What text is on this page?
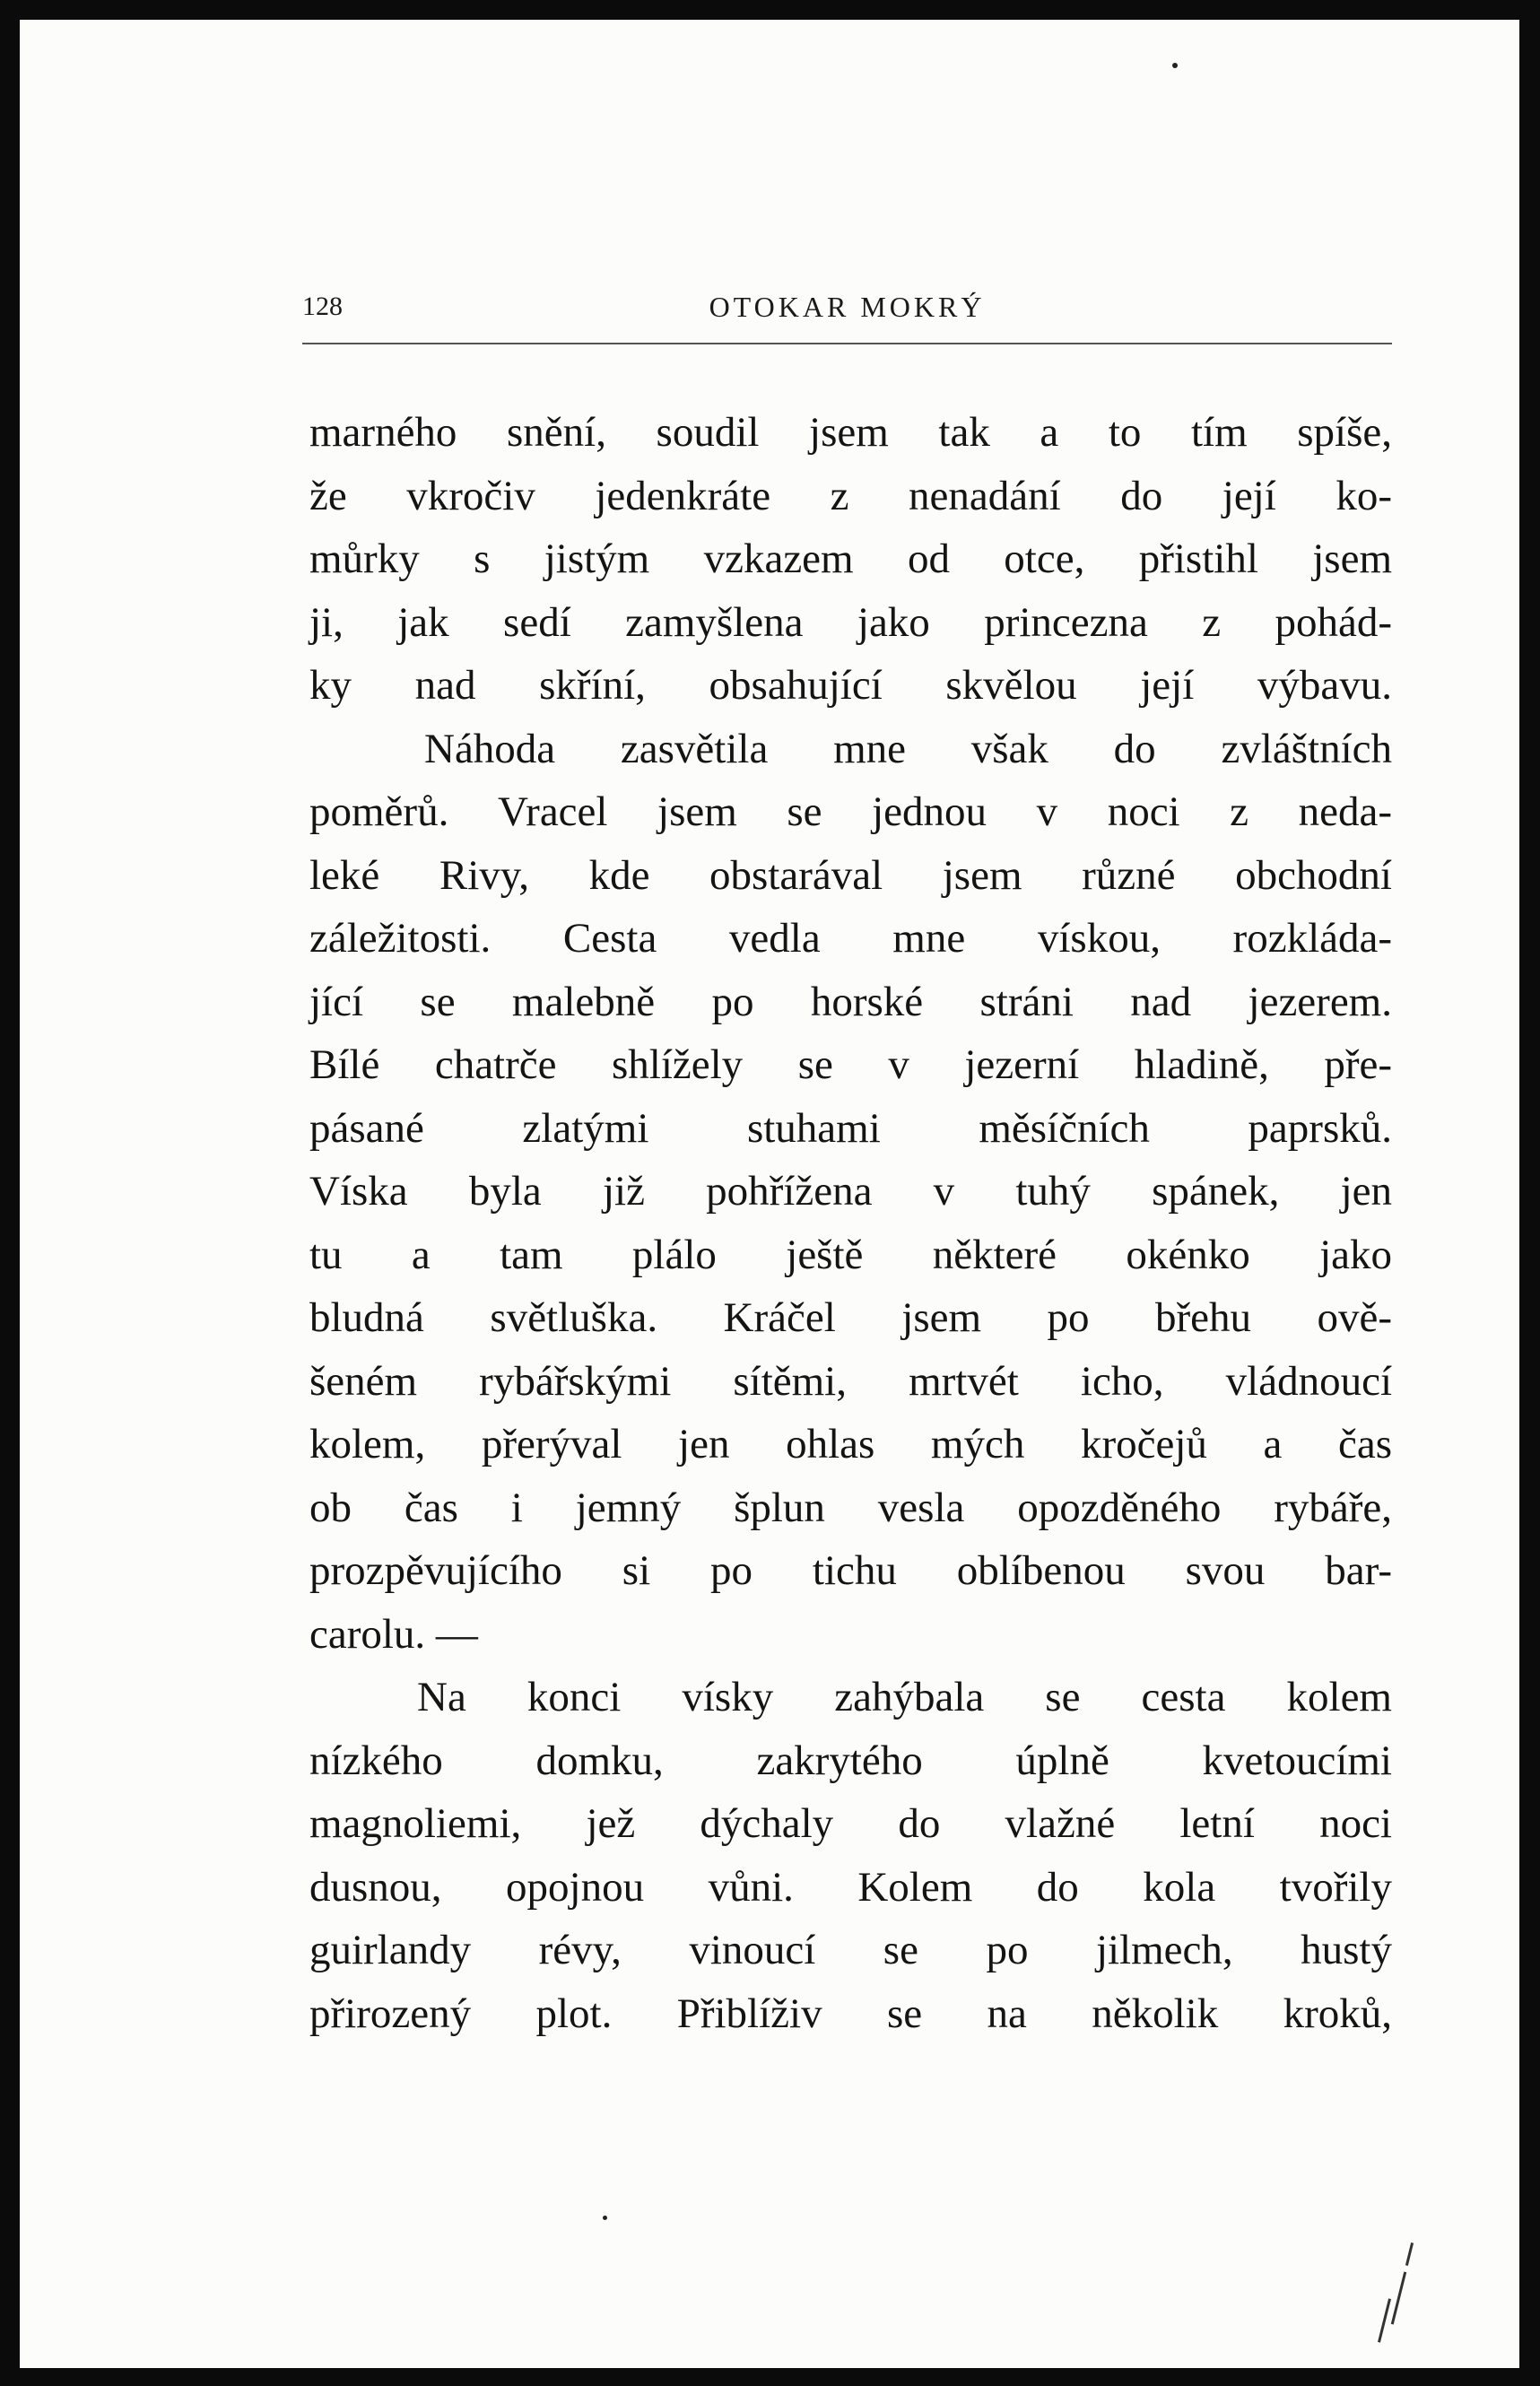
128	OTOKAR MOKRÝ
marného snění, soudil jsem tak a to tím spíše,
že vkročiv jedenkráte z nenadání do její ko-
můrky s jistým vzkazem od otce, přistihl jsem
ji, jak sedí zamyšlena jako princezna z pohád-
ky nad skříní, obsahující skvělou její výbavu.
Náhoda zasvětila mne však do zvláštních
poměrů. Vracel jsem se jednou v noci z neda-
leké Rivy, kde obstarával jsem různé obchodní
záležitosti. Cesta vedla mne vískou, rozkláda-
jící se malebně po horské stráni nad jezerem.
Bílé chatrče shlížely se v jezerní hladině, pře-
pásané zlatými stuhami měsíčních paprsků.
Víska byla již pohřížena v tuhý spánek, jen
tu a tam plálo ještě některé okénko jako
bludná světluška. Kráčel jsem po břehu ově-
šeném rybářskými sítěmi, mrtvét icho, vládnoucí
kolem, přerýval jen ohlas mých kročejů a čas
ob čas i jemný šplun vesla opozděného rybáře,
prozpěvujícího si po tichu oblíbenou svou bar-
carolu. —
Na konci vísky zahýbala se cesta kolem
nízkého domku, zakrytého úplně kvetoucími
magnoliemi, jež dýchaly do vlažné letní noci
dusnou, opojnou vůni. Kolem do kola tvořily
guirlandy révy, vinoucí se po jilmech, hustý
přirozený plot. Přiblíživ se na několik kroků,
